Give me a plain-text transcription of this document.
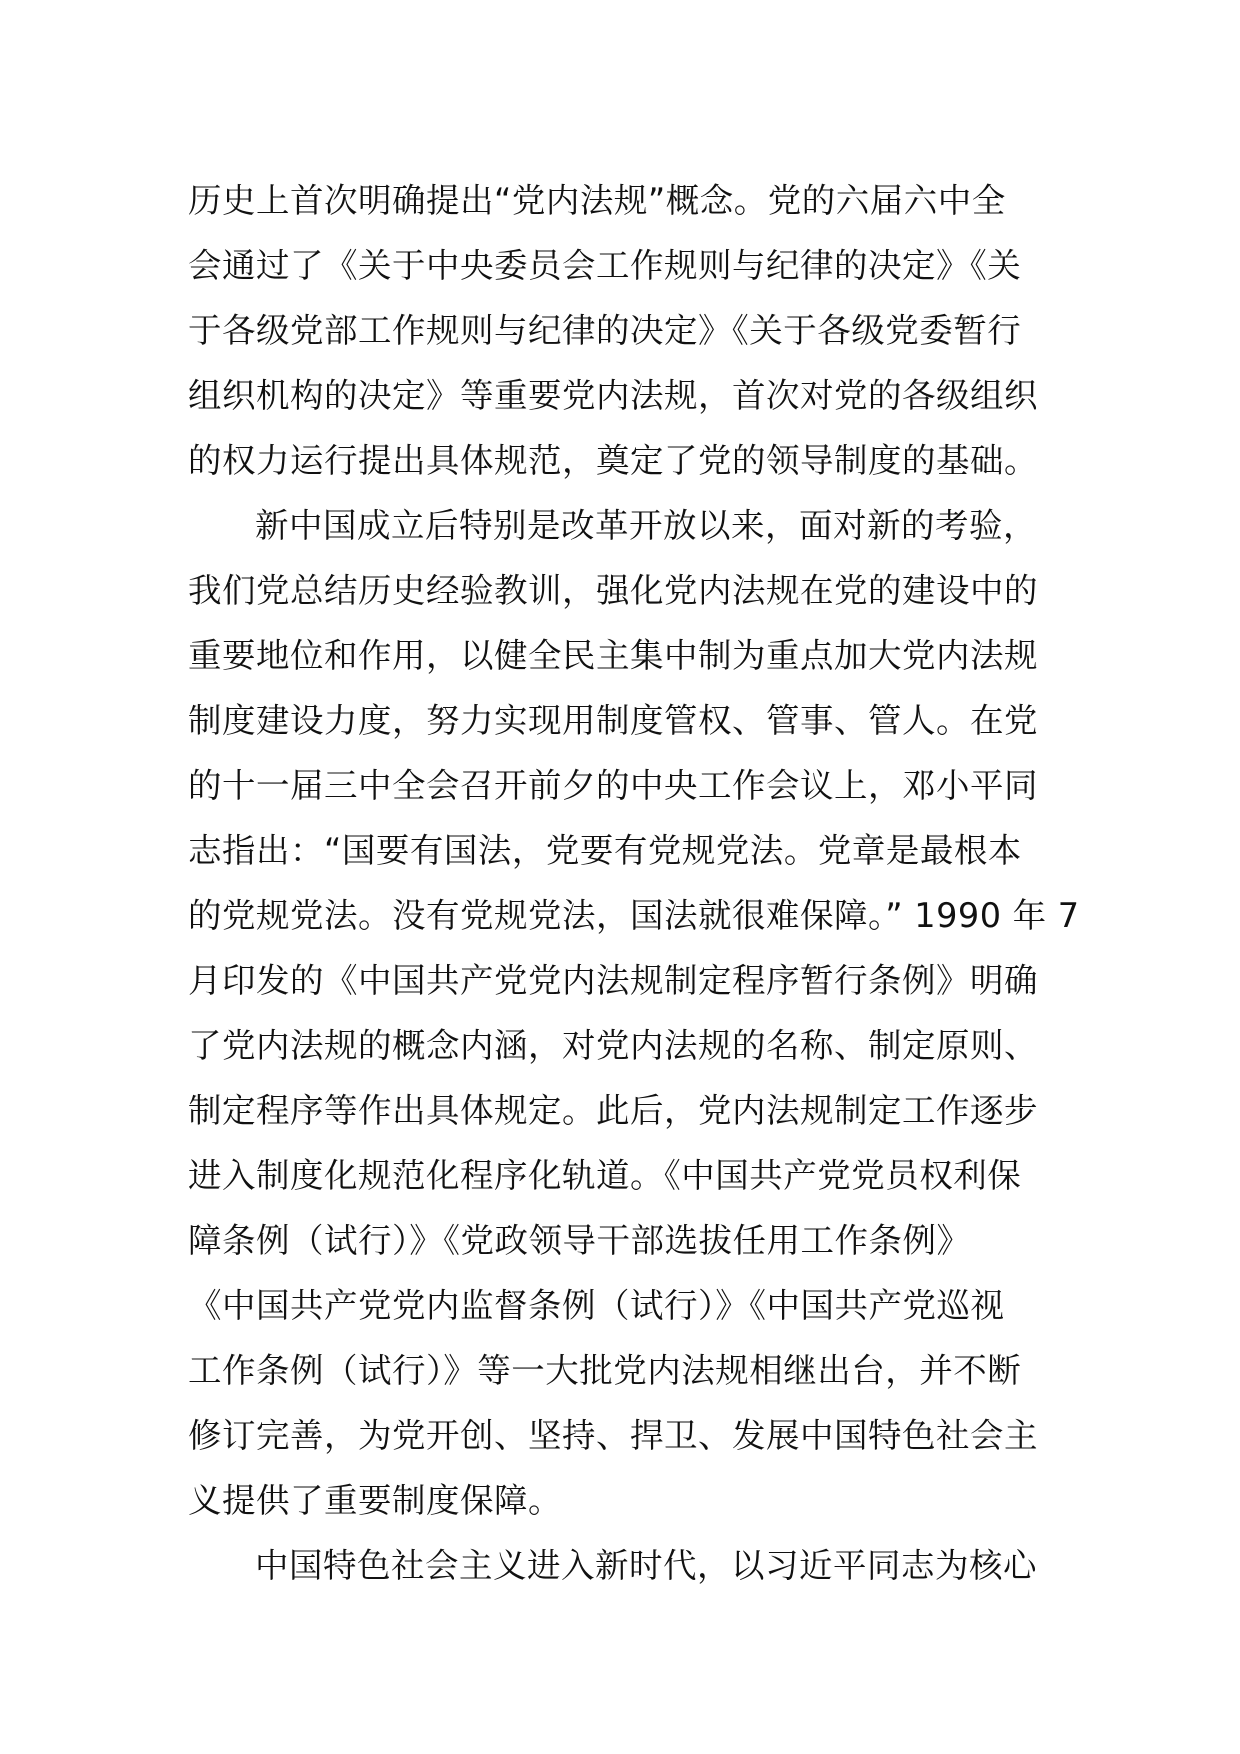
历史上首次明确提出“党内法规”概念。党的六届六中全
会通过了《关于中央委员会工作规则与纪律的决定》《关
于各级党部工作规则与纪律的决定》《关于各级党委暂行
组织机构的决定》等重要党内法规，首次对党的各级组织
的权力运行提出具体规范，奠定了党的领导制度的基础。
新中国成立后特别是改革开放以来，面对新的考验，
我们党总结历史经验教训，强化党内法规在党的建设中的
重要地位和作用，以健全民主集中制为重点加大党内法规
制度建设力度，努力实现用制度管权、管事、管人。在党
的十一届三中全会召开前夕的中央工作会议上，邓小平同
志指出：“国要有国法，党要有党规党法。党章是最根本
的党规党法。没有党规党法，国法就很难保障。” 1990 年 7
月印发的《中国共产党党内法规制定程序暂行条例》明确
了党内法规的概念内涵，对党内法规的名称、制定原则、
制定程序等作出具体规定。此后，党内法规制定工作逐步
进入制度化规范化程序化轨道。《中国共产党党员权利保
障条例（试行）》《党政领导干部选拔任用工作条例》
《中国共产党党内监督条例（试行）》《中国共产党巡视
工作条例（试行）》等一大批党内法规相继出台，并不断
修订完善，为党开创、坚持、捍卫、发展中国特色社会主
义提供了重要制度保障。
中国特色社会主义进入新时代，以习近平同志为核心
